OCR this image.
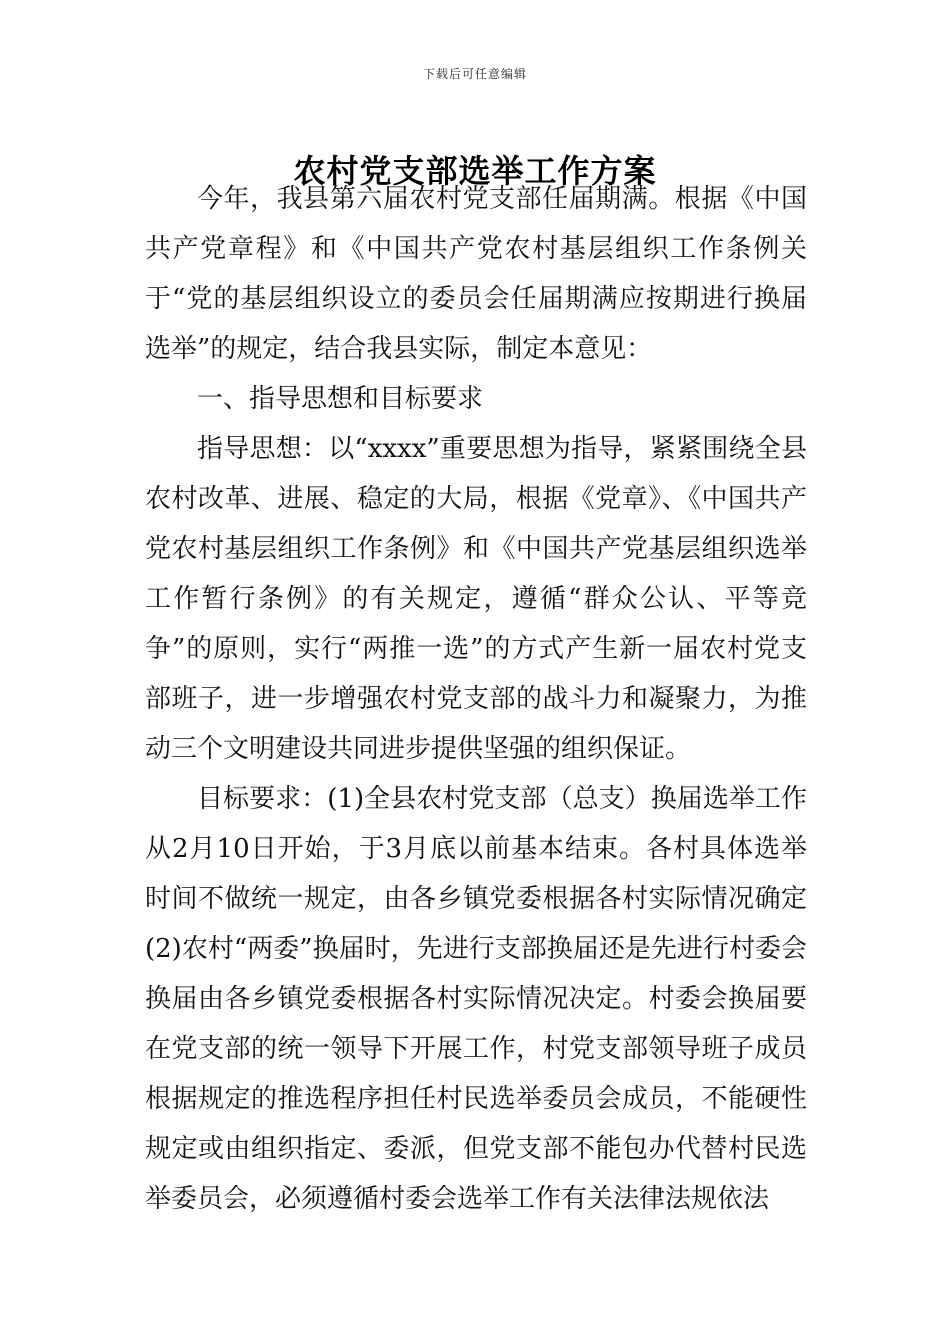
下载后可任意编辑
农村党支部选举工作方案

今年，我县第六届农村党支部任届期满。根据《中国共产党章程》和《中国共产党农村基层组织工作条例关于“党的基层组织设立的委员会任届期满应按期进行换届选举”的规定，结合我县实际，制定本意见：

一、指导思想和目标要求

指导思想：以“xxxx”重要思想为指导，紧紧围绕全县农村改革、进展、稳定的大局，根据《党章》、《中国共产党农村基层组织工作条例》和《中国共产党基层组织选举工作暂行条例》的有关规定，遵循“群众公认、平等竞争”的原则，实行“两推一选”的方式产生新一届农村党支部班子，进一步增强农村党支部的战斗力和凝聚力，为推动三个文明建设共同进步提供坚强的组织保证。

目标要求：(1)全县农村党支部（总支）换届选举工作从2月10日开始，于3月底以前基本结束。各村具体选举时间不做统一规定，由各乡镇党委根据各村实际情况确定(2)农村“两委”换届时，先进行支部换届还是先进行村委会换届由各乡镇党委根据各村实际情况决定。村委会换届要在党支部的统一领导下开展工作，村党支部领导班子成员根据规定的推选程序担任村民选举委员会成员，不能硬性规定或由组织指定、委派，但党支部不能包办代替村民选举委员会，必须遵循村委会选举工作有关法律法规依法
